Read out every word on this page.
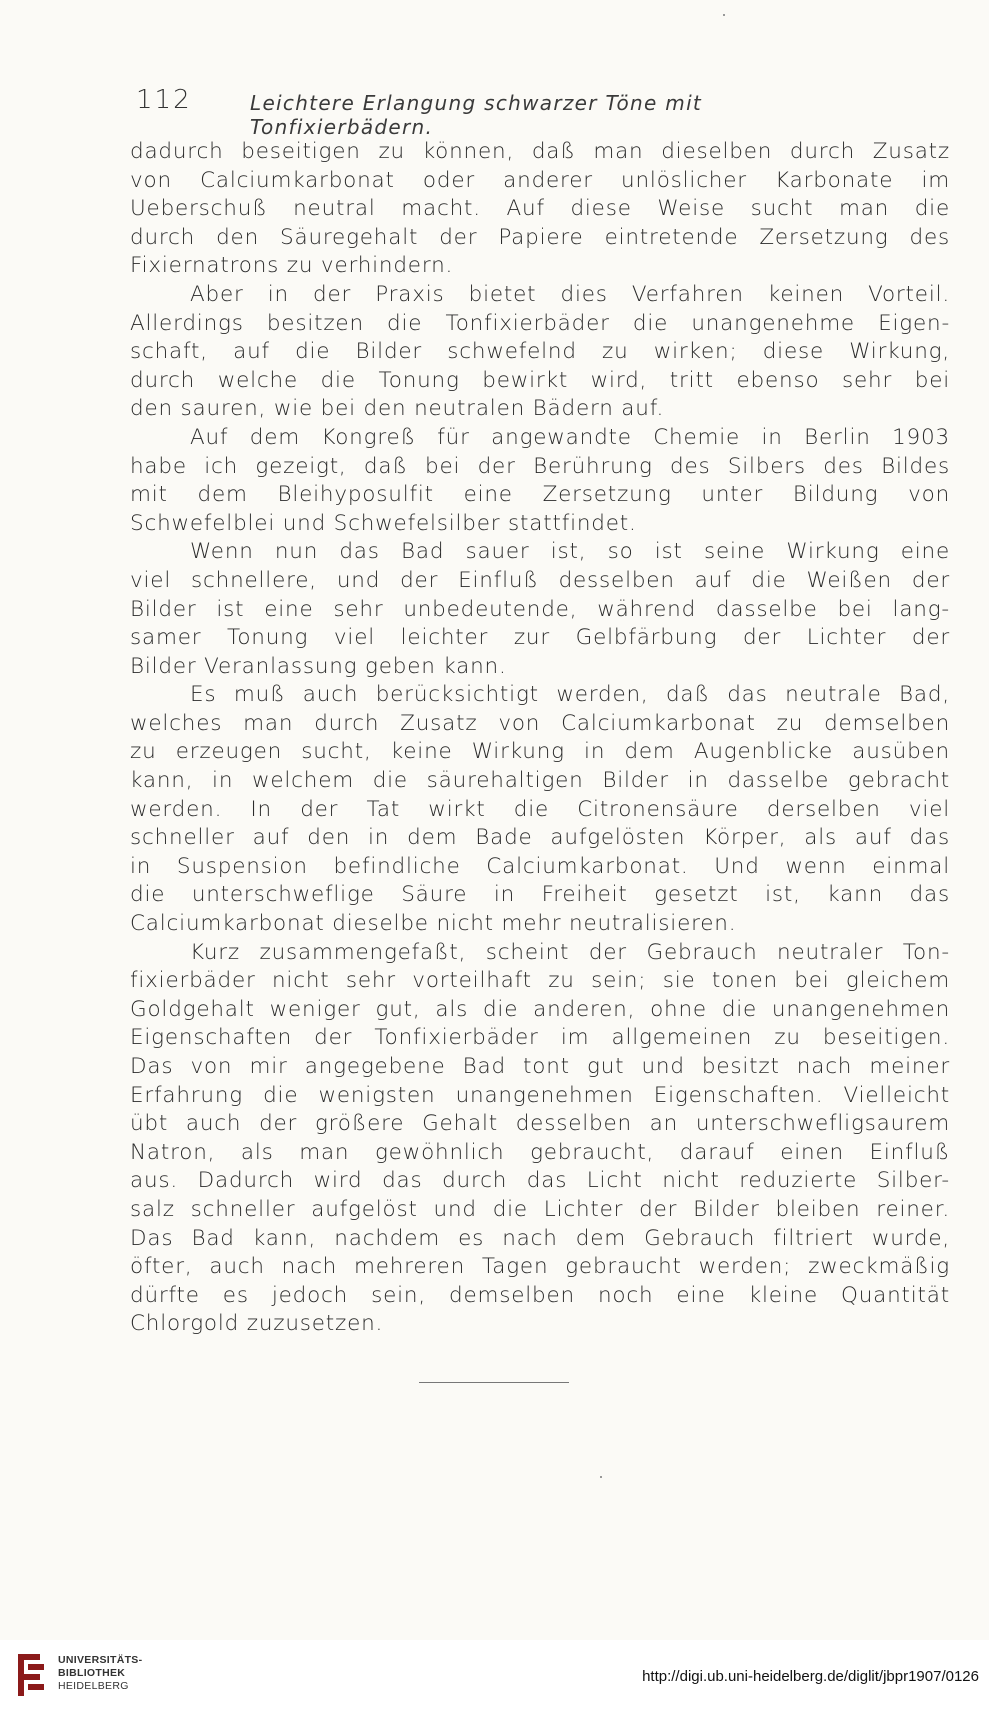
112	Leichtere Erlangung schwarzer Töne mit Tonfixierbädern.
dadurch beseitigen zu können, daß man dieselben durch Zusatz
von Calciumkarbonat oder anderer unlöslicher Karbonate im
Ueberschuß neutral macht. Auf diese Weise sucht man die
durch den Säuregehalt der Papiere eintretende Zersetzung des
Fixiernatrons zu verhindern.
Aber in der Praxis bietet dies Verfahren keinen Vorteil.
Allerdings besitzen die Tonfixierbäder die unangenehme Eigen-
schaft, auf die Bilder schwefelnd zu wirken; diese Wirkung,
durch welche die Tonung bewirkt wird, tritt ebenso sehr bei
den sauren, wie bei den neutralen Bädern auf.
Auf dem Kongreß für angewandte Chemie in Berlin 1903
habe ich gezeigt, daß bei der Berührung des Silbers des Bildes
mit dem Bleihyposulfit eine Zersetzung unter Bildung von
Schwefelblei und Schwefelsilber stattfindet.
Wenn nun das Bad sauer ist, so ist seine Wirkung eine
viel schnellere, und der Einfluß desselben auf die Weißen der
Bilder ist eine sehr unbedeutende, während dasselbe bei lang-
samer Tonung viel leichter zur Gelbfärbung der Lichter der
Bilder Veranlassung geben kann.
Es muß auch berücksichtigt werden, daß das neutrale Bad,
welches man durch Zusatz von Calciumkarbonat zu demselben
zu erzeugen sucht, keine Wirkung in dem Augenblicke ausüben
kann, in welchem die säurehaltigen Bilder in dasselbe gebracht
werden. In der Tat wirkt die Citronensäure derselben viel
schneller auf den in dem Bade aufgelösten Körper, als auf das
in Suspension befindliche Calciumkarbonat. Und wenn einmal
die unterschweflige Säure in Freiheit gesetzt ist, kann das
Calciumkarbonat dieselbe nicht mehr neutralisieren.
Kurz zusammengefaßt, scheint der Gebrauch neutraler Ton-
fixierbäder nicht sehr vorteilhaft zu sein; sie tonen bei gleichem
Goldgehalt weniger gut, als die anderen, ohne die unangenehmen
Eigenschaften der Tonfixierbäder im allgemeinen zu beseitigen.
Das von mir angegebene Bad tont gut und besitzt nach meiner
Erfahrung die wenigsten unangenehmen Eigenschaften. Vielleicht
übt auch der größere Gehalt desselben an unterschwefligsaurem
Natron, als man gewöhnlich gebraucht, darauf einen Einfluß
aus. Dadurch wird das durch das Licht nicht reduzierte Silber-
salz schneller aufgelöst und die Lichter der Bilder bleiben reiner.
Das Bad kann, nachdem es nach dem Gebrauch filtriert wurde,
öfter, auch nach mehreren Tagen gebraucht werden; zweckmäßig
dürfte es jedoch sein, demselben noch eine kleine Quantität
Chlorgold zuzusetzen.
UNIVERSITÄTS-
BIBLIOTHEK
HEIDELBERG
http://digi.ub.uni-heidelberg.de/diglit/jbpr1907/0126
